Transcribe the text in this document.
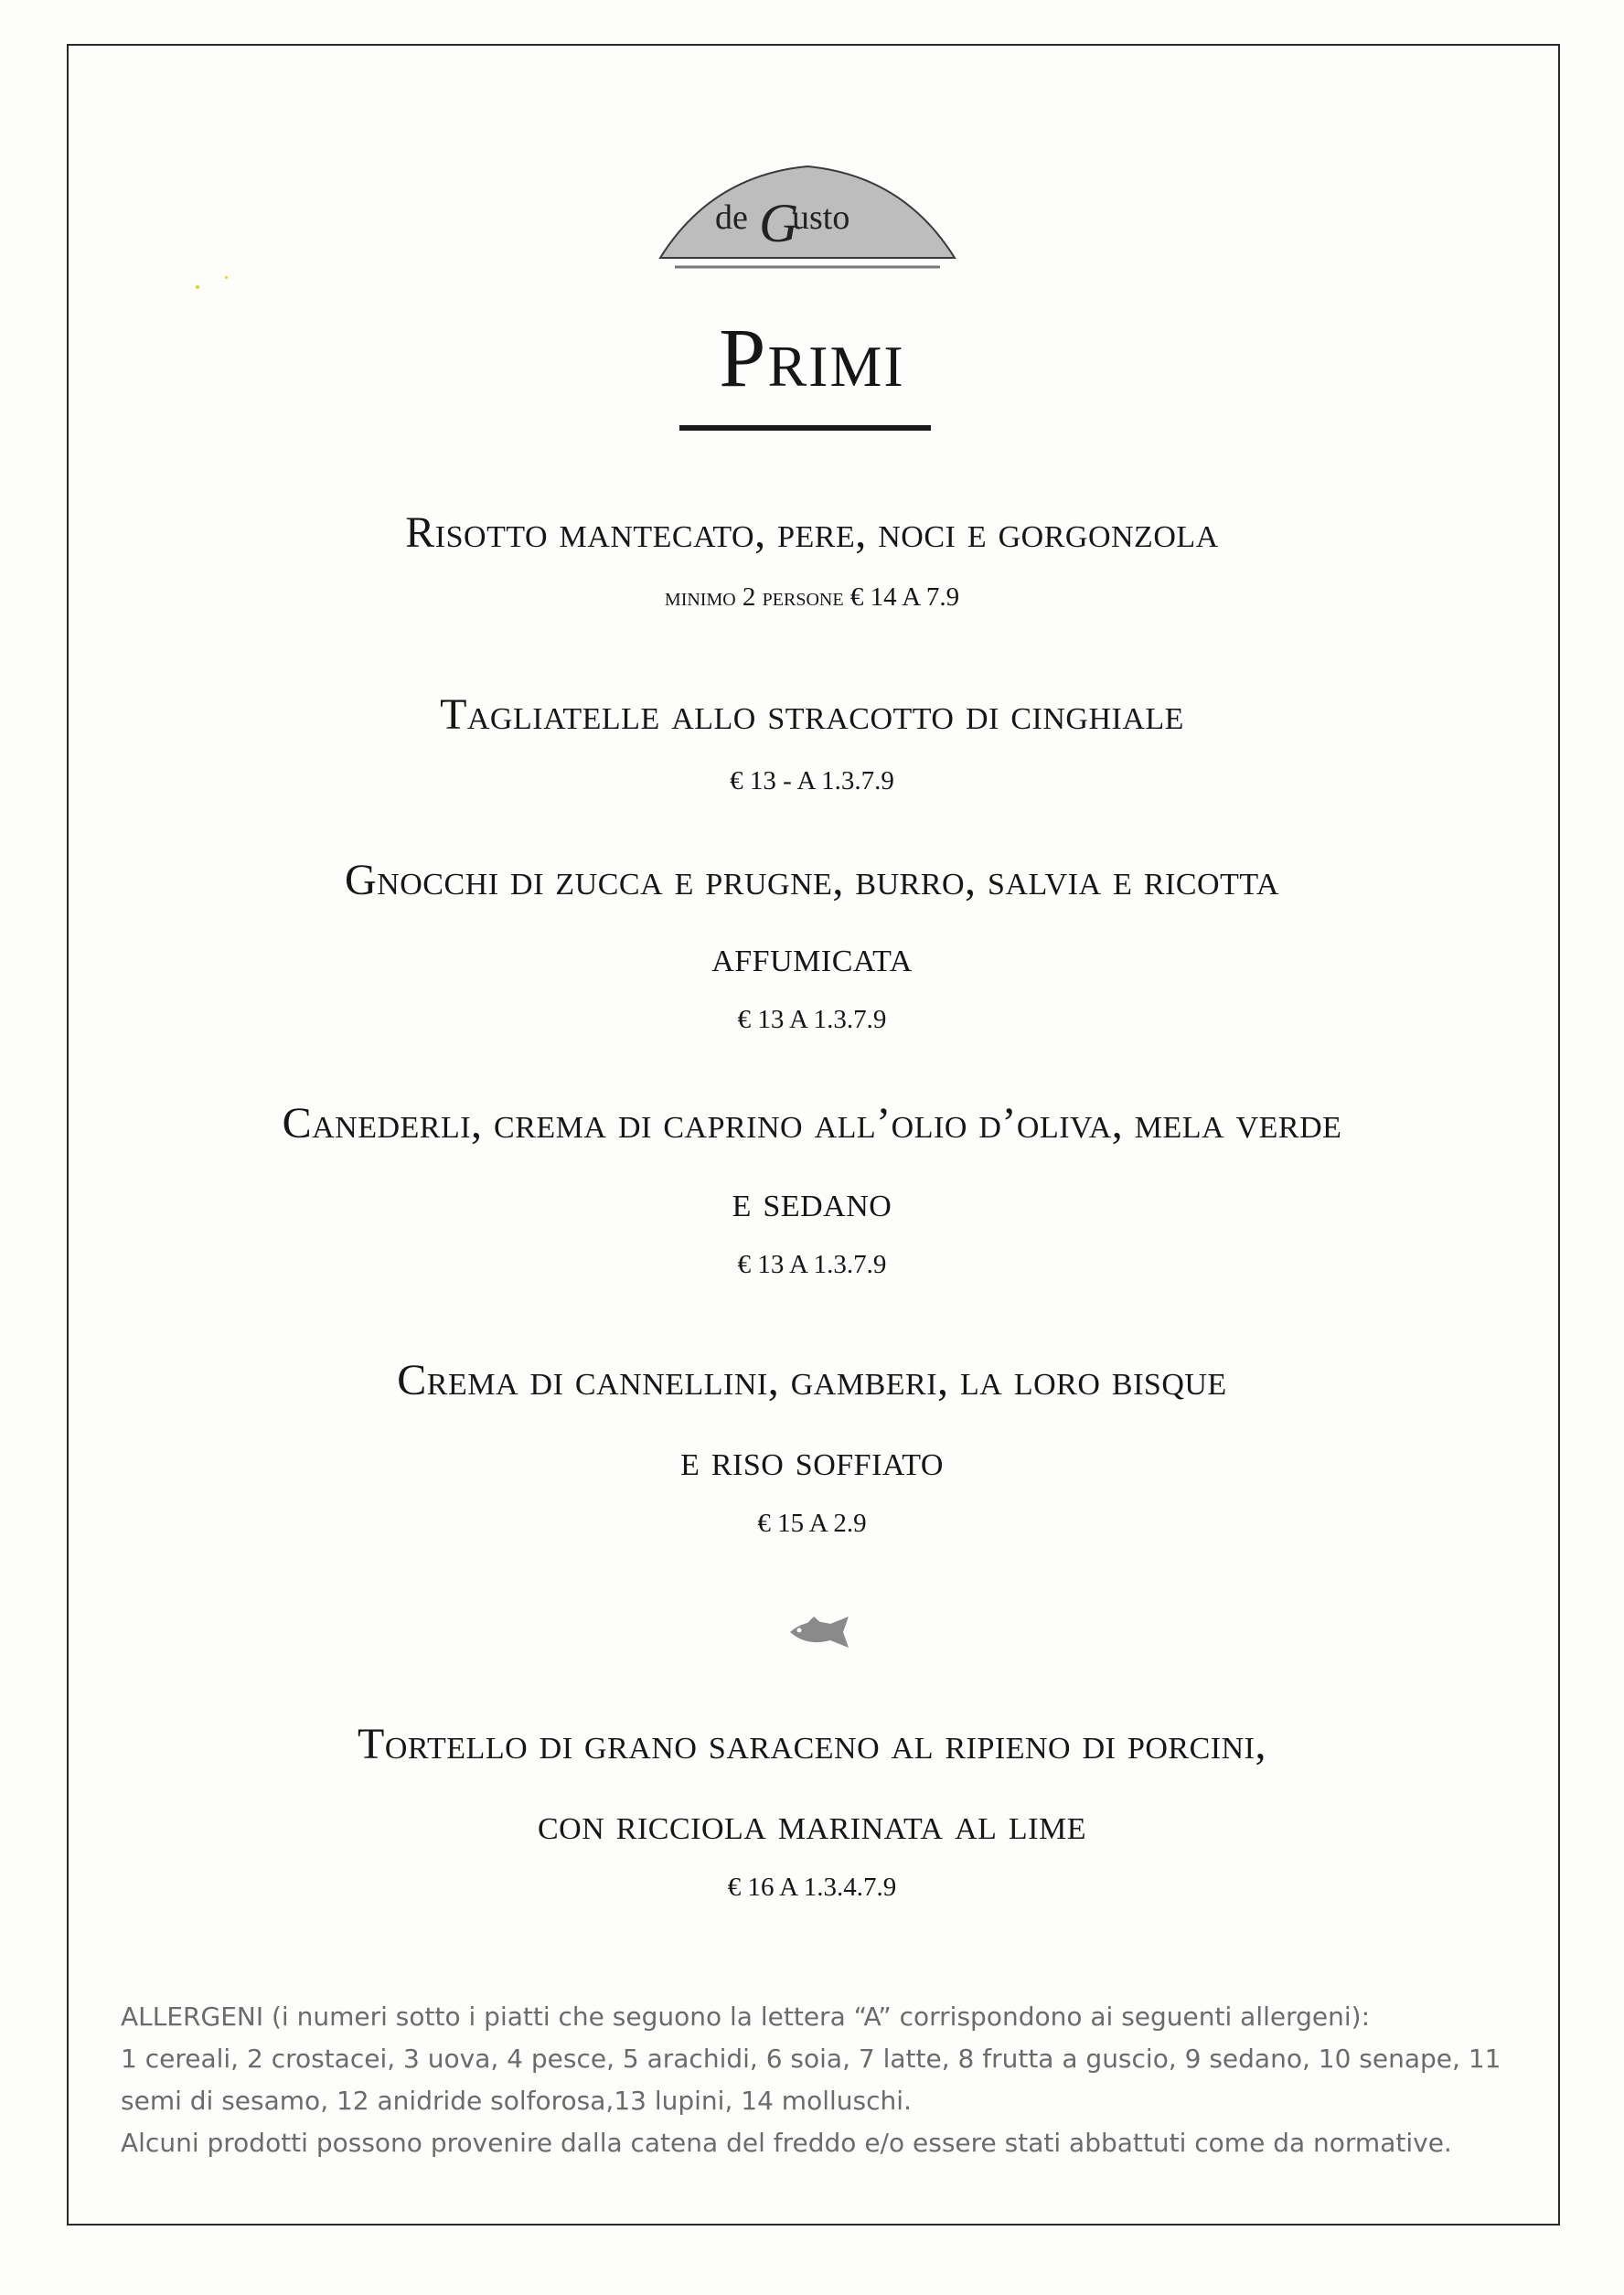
de G
usto
Primi
Risotto mantecato, pere, noci e gorgonzola
minimo 2 persone € 14 A 7.9
Tagliatelle allo stracotto di cinghiale
€ 13 - A 1.3.7.9
Gnocchi di zucca e prugne, burro, salvia e ricotta
affumicata
€ 13 A 1.3.7.9
Canederli, crema di caprino all’olio d’oliva, mela verde
e sedano
€ 13 A 1.3.7.9
Crema di cannellini, gamberi, la loro bisque
e riso soffiato
€ 15 A 2.9
Tortello di grano saraceno al ripieno di porcini,
con ricciola marinata al lime
€ 16 A 1.3.4.7.9
ALLERGENI (i numeri sotto i piatti che seguono la lettera “A” corrispondono ai seguenti allergeni):
1 cereali, 2 crostacei, 3 uova, 4 pesce, 5 arachidi, 6 soia, 7 latte, 8 frutta a guscio, 9 sedano, 10 senape, 11
semi di sesamo, 12 anidride solforosa,13 lupini, 14 molluschi.
Alcuni prodotti possono provenire dalla catena del freddo e/o essere stati abbattuti come da normative.
